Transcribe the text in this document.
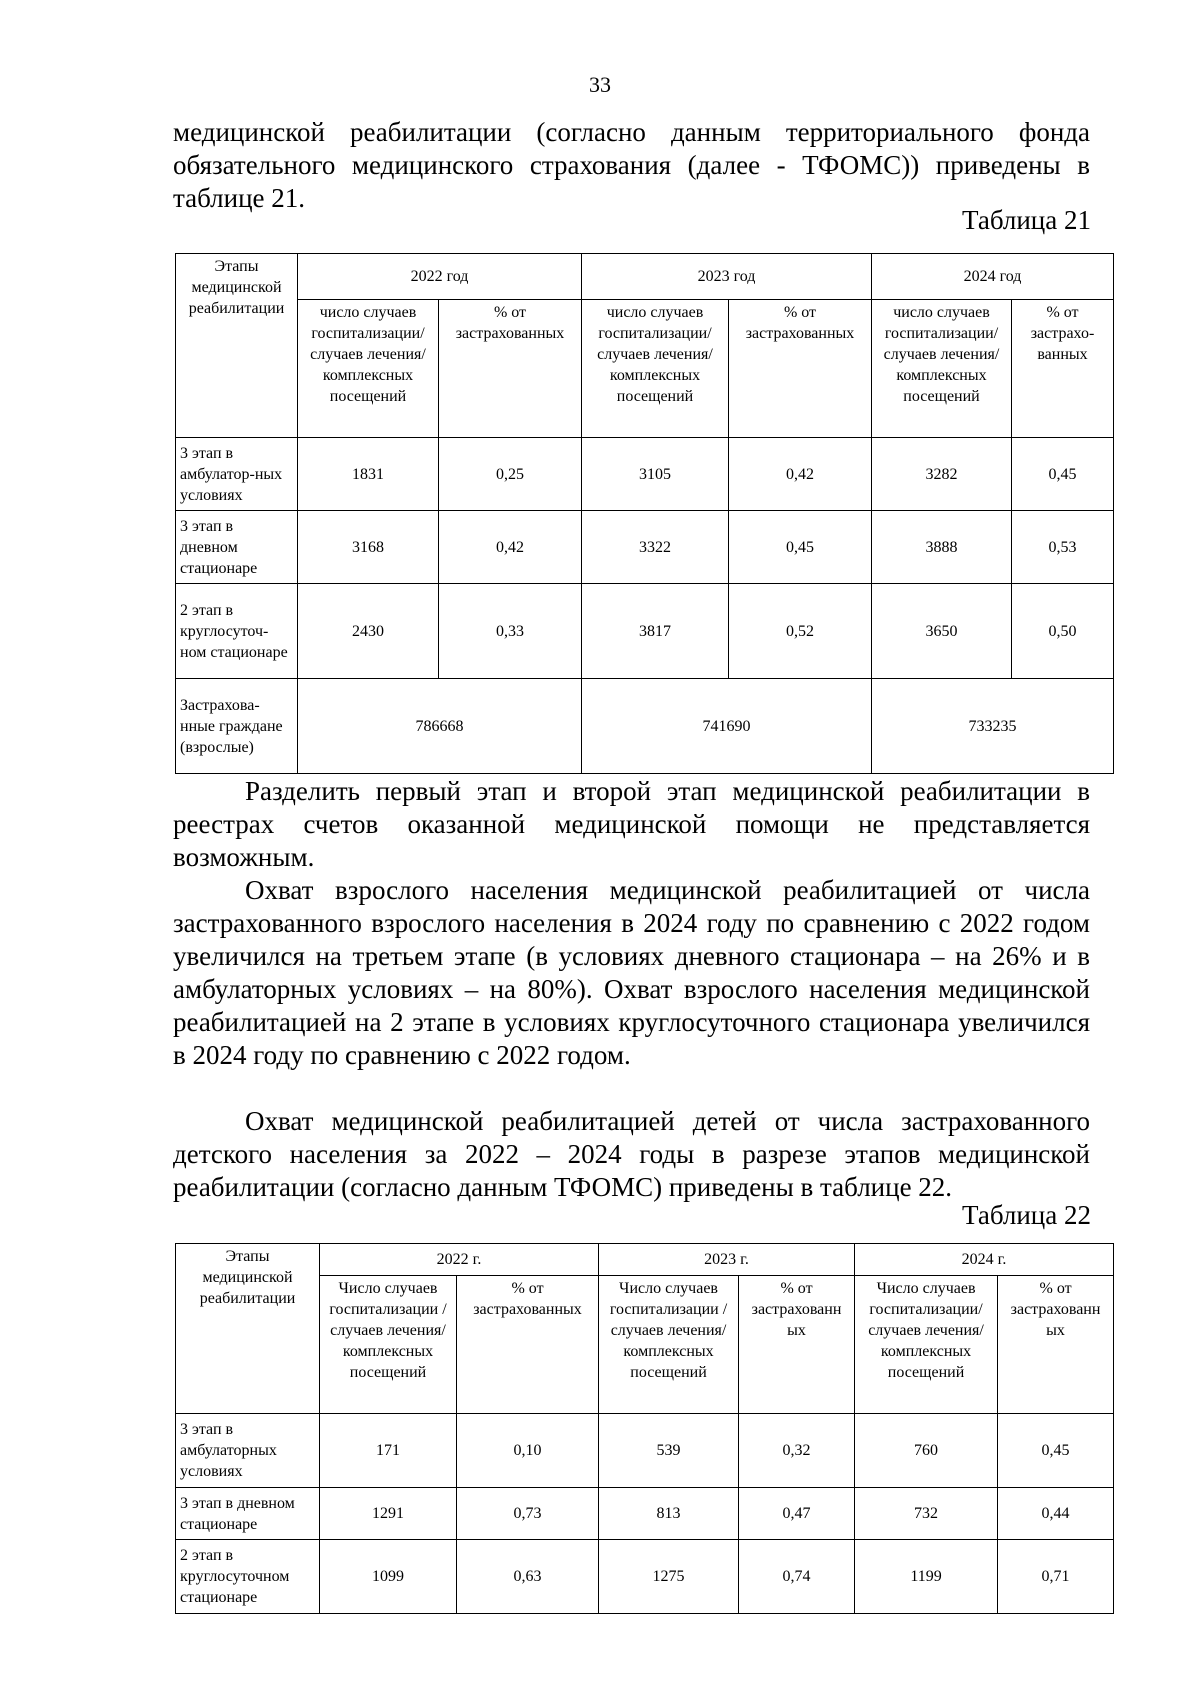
33

медицинской реабилитации (согласно данным территориального фонда обязательного медицинского страхования (далее - ТФОМС)) приведены в таблице 21.

Таблица 21
Этапы медицинской реабилитации	2022 год		2023 год		2024 год	
	число случаев госпитализации/ случаев лечения/ комплексных посещений	% от застрахованных	число случаев госпитализации/ случаев лечения/ комплексных посещений	% от застрахованных	число случаев госпитализации/ случаев лечения/ комплексных посещений	% от застрахо-ванных
3 этап в амбулатор-ных условиях	1831	0,25	3105	0,42	3282	0,45
3 этап в дневном стационаре	3168	0,42	3322	0,45	3888	0,53
2 этап в круглосуточ-ном стационаре	2430	0,33	3817	0,52	3650	0,50
Застрахова-нные граждане (взрослые)	786668		741690		733235	

Разделить первый этап и второй этап медицинской реабилитации в реестрах счетов оказанной медицинской помощи не представляется возможным.

Охват взрослого населения медицинской реабилитацией от числа застрахованного взрослого населения в 2024 году по сравнению с 2022 годом увеличился на третьем этапе (в условиях дневного стационара – на 26% и в амбулаторных условиях – на 80%). Охват взрослого населения медицинской реабилитацией на 2 этапе в условиях круглосуточного стационара увеличился в 2024 году по сравнению с 2022 годом.

Охват медицинской реабилитацией детей от числа застрахованного детского населения за 2022 – 2024 годы в разрезе этапов медицинской реабилитации (согласно данным ТФОМС) приведены в таблице 22.

Таблица 22
Этапы медицинской реабилитации	2022 г.		2023 г.		2024 г.	
	Число случаев госпитализации / случаев лечения/ комплексных посещений	% от застрахованных	Число случаев госпитализации / случаев лечения/ комплексных посещений	% от застрахованн ых	Число случаев госпитализации/ случаев лечения/ комплексных посещений	% от застрахованн ых
3 этап в амбулаторных условиях	171	0,10	539	0,32	760	0,45
3 этап в дневном стационаре	1291	0,73	813	0,47	732	0,44
2 этап в круглосуточном стационаре	1099	0,63	1275	0,74	1199	0,71
